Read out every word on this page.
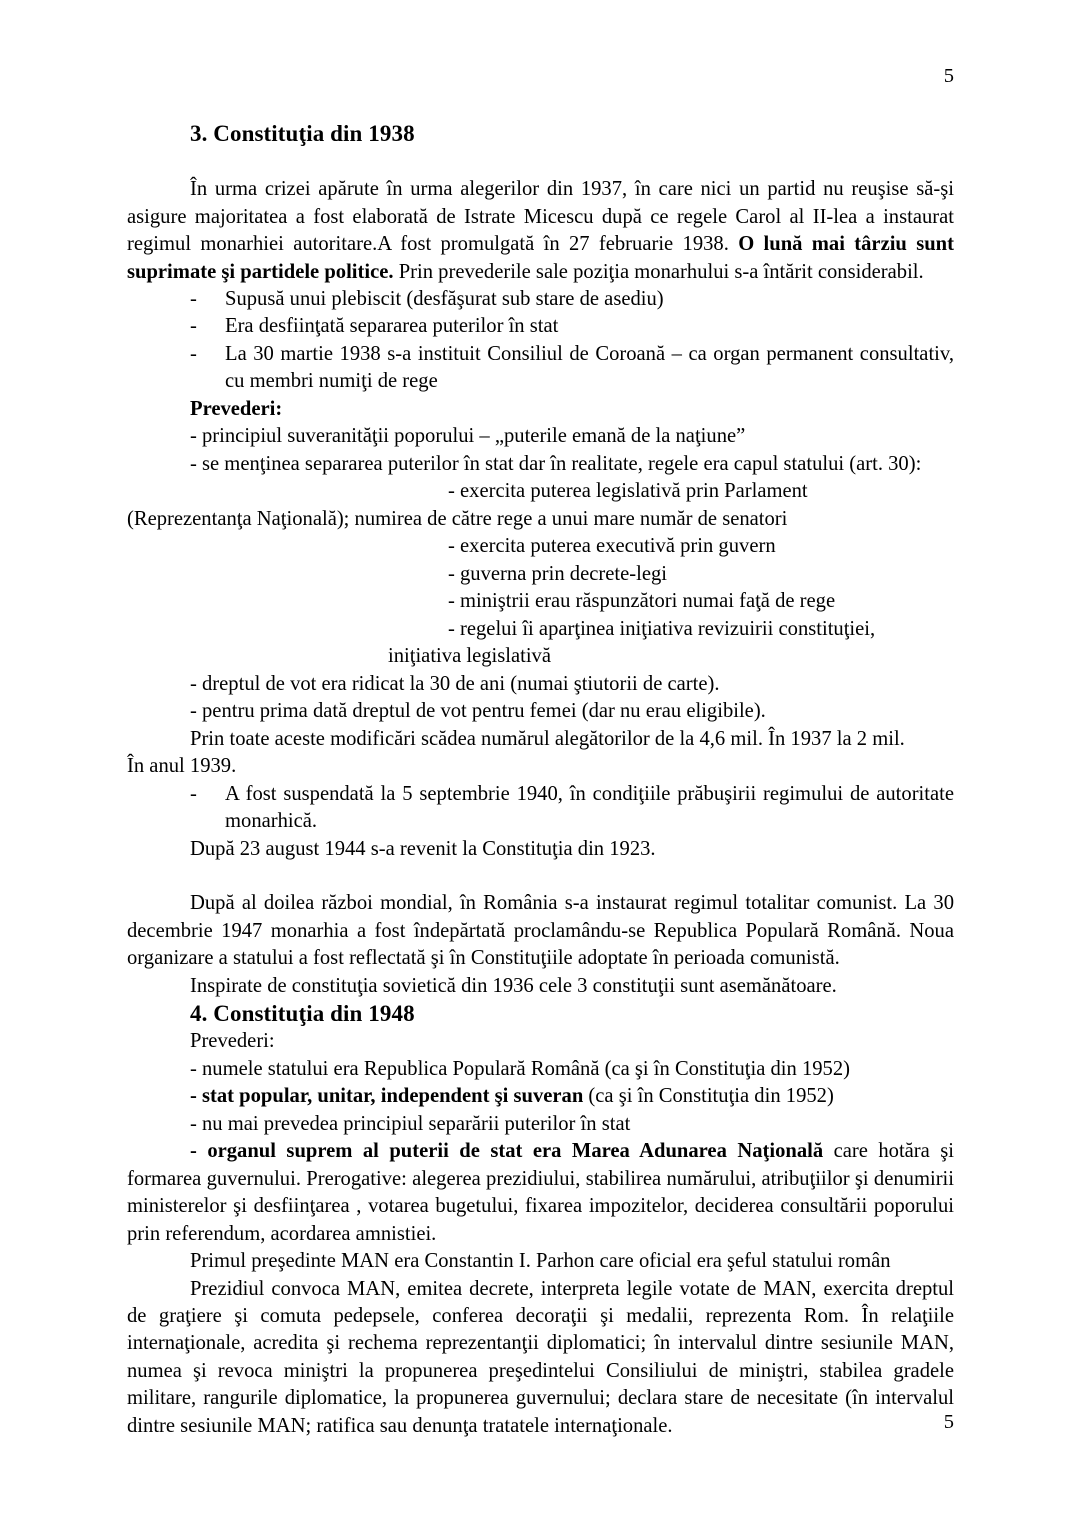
5
3. Constituţia din 1938

În urma crizei apărute în urma alegerilor din 1937, în care nici un partid nu reuşise să-şi asigure majoritatea a fost elaborată de Istrate Micescu după ce regele Carol al II-lea a instaurat regimul monarhiei autoritare.A fost promulgată în 27 februarie 1938. O lună mai târziu sunt suprimate şi partidele politice. Prin prevederile sale poziţia monarhului s-a întărit considerabil.

- Supusă unui plebiscit (desfăşurat sub stare de asediu)
- Era desfiinţată separarea puterilor în stat
- La 30 martie 1938 s-a instituit Consiliul de Coroană – ca organ permanent consultativ, cu membri numiţi de rege

Prevederi:

- principiul suveranităţii poporului – „puterile emană de la naţiune”

- se menţinea separarea puterilor în stat dar în realitate, regele era capul statului (art. 30):

- exercita puterea legislativă prin Parlament

(Reprezentanţa Naţională); numirea de către rege a unui mare număr de senatori

- exercita puterea executivă prin guvern

- guverna prin decrete-legi

- miniştrii erau răspunzători numai faţă de rege

- regelui îi aparţinea iniţiativa revizuirii constituţiei,

iniţiativa legislativă

- dreptul de vot era ridicat la 30 de ani (numai ştiutorii de carte).

- pentru prima dată dreptul de vot pentru femei (dar nu erau eligibile).

Prin toate aceste modificări scădea numărul alegătorilor de la 4,6 mil. În 1937 la 2 mil.

În anul 1939.

- A fost suspendată la 5 septembrie 1940, în condiţiile prăbuşirii regimului de autoritate monarhică.

După 23 august 1944 s-a revenit la Constituţia din 1923.

După al doilea război mondial, în România s-a instaurat regimul totalitar comunist. La 30 decembrie 1947 monarhia a fost îndepărtată proclamându-se Republica Populară Română. Noua organizare a statului a fost reflectată şi în Constituţiile adoptate în perioada comunistă.

Inspirate de constituţia sovietică din 1936 cele 3 constituţii sunt asemănătoare.

4. Constituţia din 1948

Prevederi:

- numele statului era Republica Populară Română (ca şi în Constituţia din 1952)

- stat popular, unitar, independent şi suveran (ca şi în Constituţia din 1952)

- nu mai prevedea principiul separării puterilor în stat

- organul suprem al puterii de stat era Marea Adunarea Naţională care hotăra şi formarea guvernului. Prerogative: alegerea prezidiului, stabilirea numărului, atribuţiilor şi denumirii ministerelor şi desfiinţarea , votarea bugetului, fixarea impozitelor, deciderea consultării poporului prin referendum, acordarea amnistiei.

Primul preşedinte MAN era Constantin I. Parhon care oficial era şeful statului român

Prezidiul convoca MAN, emitea decrete, interpreta legile votate de MAN, exercita dreptul de graţiere şi comuta pedepsele, conferea decoraţii şi medalii, reprezenta Rom. În relaţiile internaţionale, acredita şi rechema reprezentanţii diplomatici; în intervalul dintre sesiunile MAN, numea şi revoca miniştri la propunerea preşedintelui Consiliului de miniştri, stabilea gradele militare, rangurile diplomatice, la propunerea guvernului; declara stare de necesitate (în intervalul dintre sesiunile MAN; ratifica sau denunţa tratatele internaţionale.	5
